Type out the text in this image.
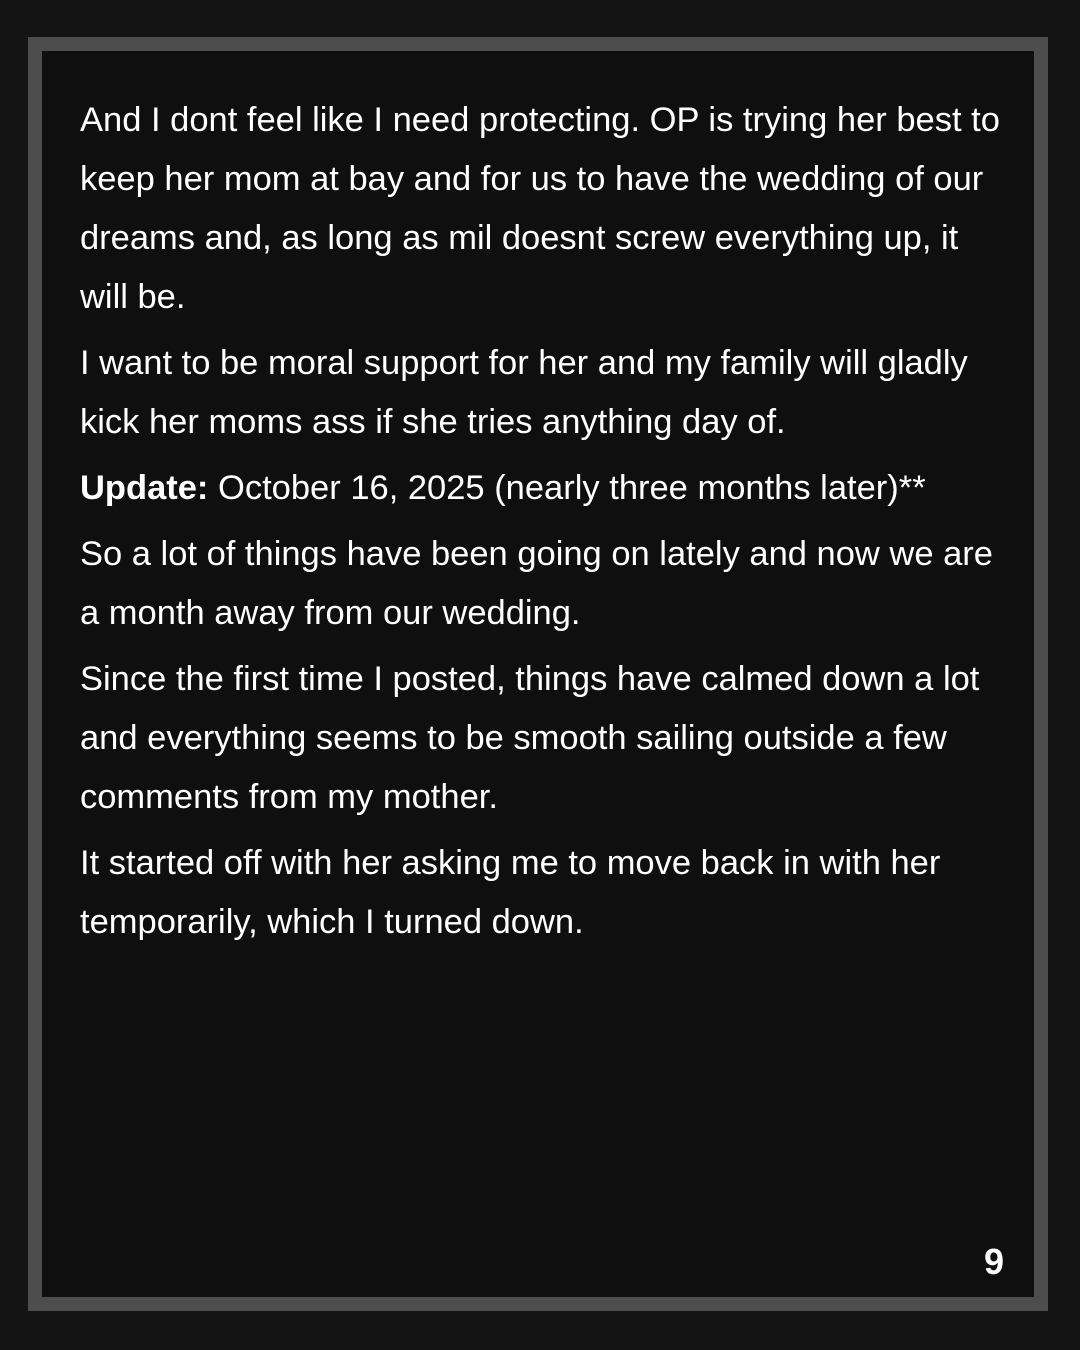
And I dont feel like I need protecting. OP is trying her best to keep her mom at bay and for us to have the wedding of our dreams and, as long as mil doesnt screw everything up, it will be.

I want to be moral support for her and my family will gladly kick her moms ass if she tries anything day of.

Update: October 16, 2025 (nearly three months later)**

So a lot of things have been going on lately and now we are a month away from our wedding.

Since the first time I posted, things have calmed down a lot and everything seems to be smooth sailing outside a few comments from my mother.

It started off with her asking me to move back in with her temporarily, which I turned down.

9
